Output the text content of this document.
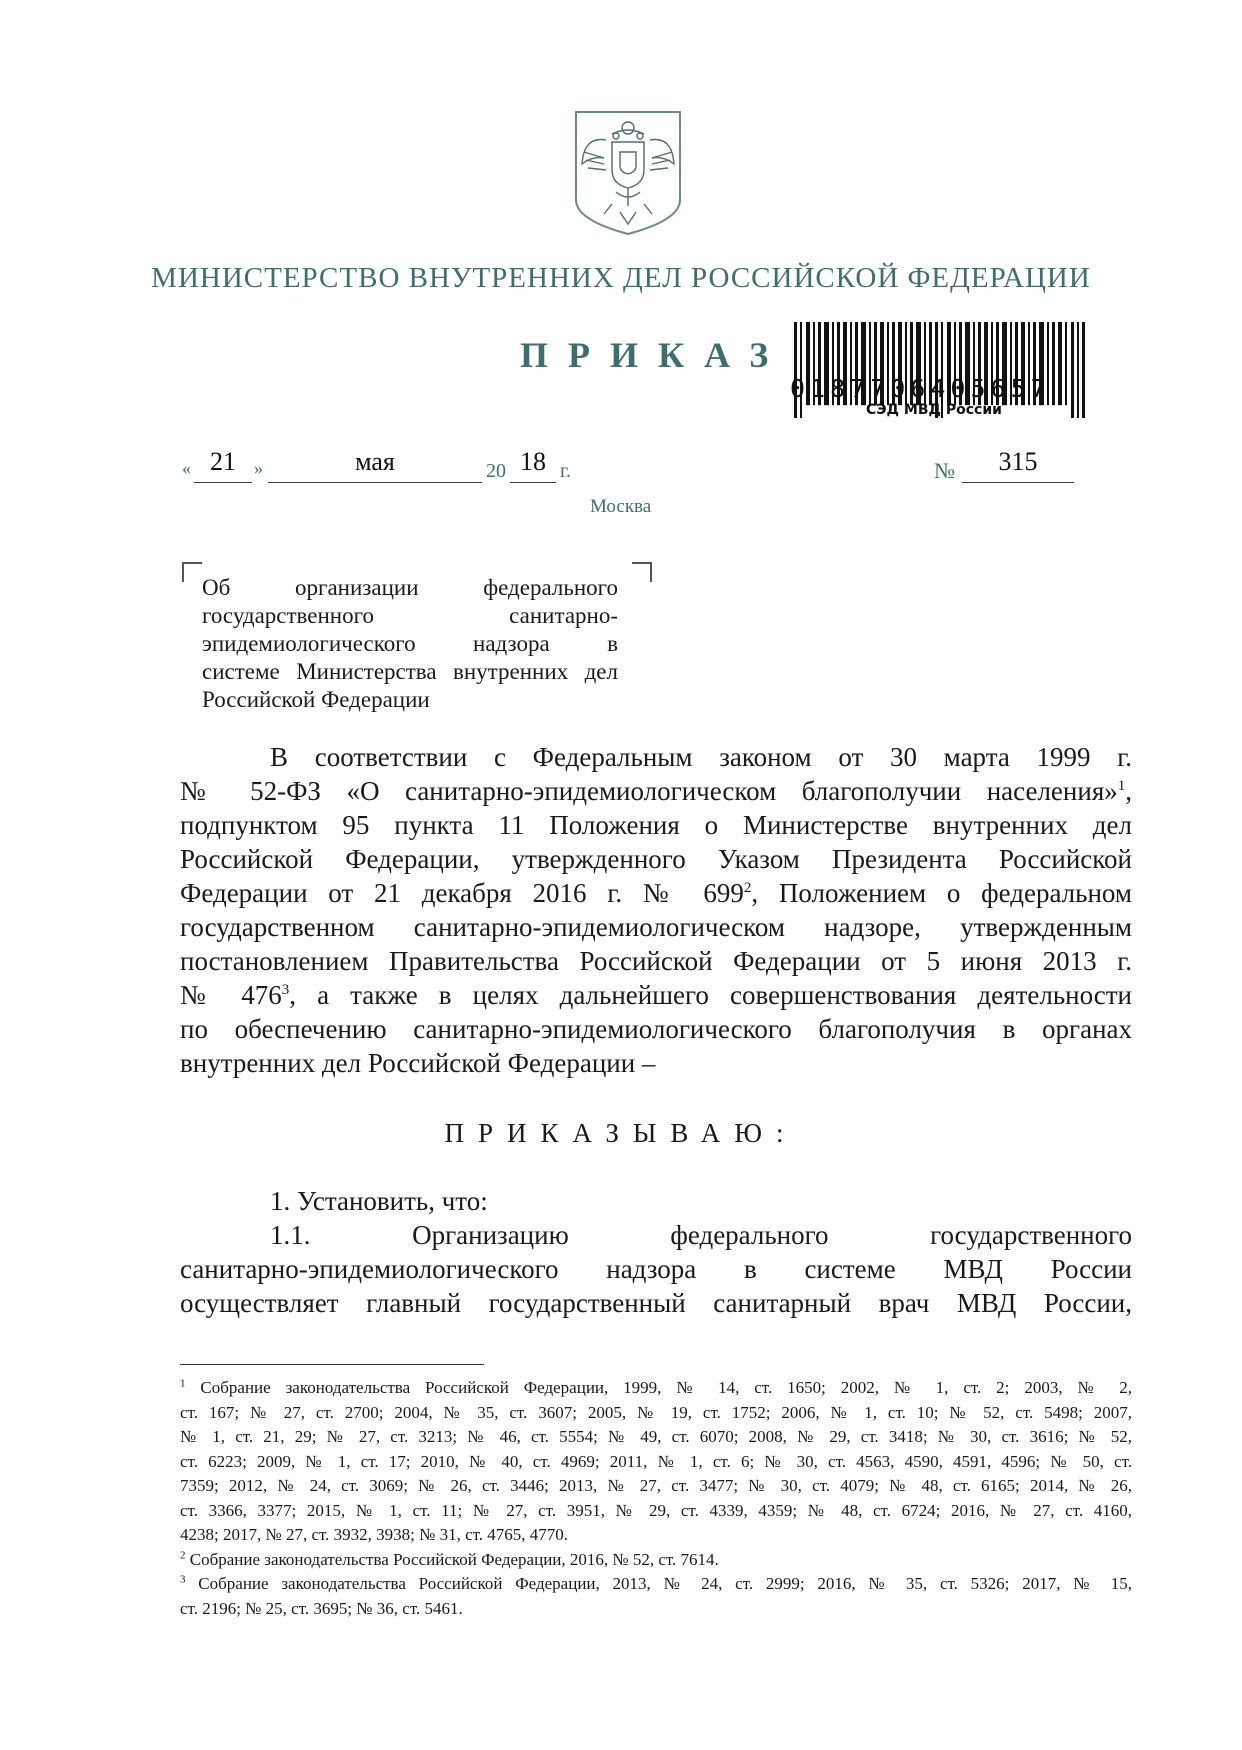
МИНИСТЕРСТВО ВНУТРЕННИХ ДЕЛ РОССИЙСКОЙ ФЕДЕРАЦИИ
ПРИКАЗ
0187706405657
СЭД МВД России
« 21	»	мая	20 18 г.	№	315
Москва
Об организации федерального
государственного санитарно-
эпидемиологического надзора в
системе Министерства внутренних дел
Российской Федерации
В соответствии с Федеральным законом от 30 марта 1999 г.
№ 52-ФЗ «О санитарно-эпидемиологическом благополучии населения»$^1$,
подпунктом 95 пункта 11 Положения о Министерстве внутренних дел
Российской Федерации, утвержденного Указом Президента Российской
Федерации от 21 декабря 2016 г. № $699^2$, Положением о федеральном
государственном санитарно-эпидемиологическом надзоре, утвержденным
постановлением Правительства Российской Федерации от 5 июня 2013 г.
№ $476^3$, а также в целях дальнейшего совершенствования деятельности
по обеспечению санитарно-эпидемиологического благополучия в органах
внутренних дел Российской Федерации –
ПРИКАЗЫВАЮ:
1. Установить, что:
1.1. Организацию федерального государственного
санитарно-эпидемиологического надзора в системе МВД России
осуществляет главный государственный санитарный врач МВД России,
$^1$ Собрание законодательства Российской Федерации, 1999, № 14, ст. 1650; 2002, № 1, ст. 2; 2003, № 2,
ст. 167; № 27, ст. 2700; 2004, № 35, ст. 3607; 2005, № 19, ст. 1752; 2006, № 1, ст. 10; № 52, ст. 5498; 2007,
№ 1, ст. 21, 29; № 27, ст. 3213; № 46, ст. 5554; № 49, ст. 6070; 2008, № 29, ст. 3418; № 30, ст. 3616; № 52,
ст. 6223; 2009, № 1, ст. 17; 2010, № 40, ст. 4969; 2011, № 1, ст. 6; № 30, ст. 4563, 4590, 4591, 4596; № 50, ст.
7359; 2012, № 24, ст. 3069; № 26, ст. 3446; 2013, № 27, ст. 3477; № 30, ст. 4079; № 48, ст. 6165; 2014, № 26,
ст. 3366, 3377; 2015, № 1, ст. 11; № 27, ст. 3951, № 29, ст. 4339, 4359; № 48, ст. 6724; 2016, № 27, ст. 4160,
4238; 2017, № 27, ст. 3932, 3938; № 31, ст. 4765, 4770.
$^2$ Собрание законодательства Российской Федерации, 2016, № 52, ст. 7614.
$^3$ Собрание законодательства Российской Федерации, 2013, № 24, ст. 2999; 2016, № 35, ст. 5326; 2017, № 15,
ст. 2196; № 25, ст. 3695; № 36, ст. 5461.
